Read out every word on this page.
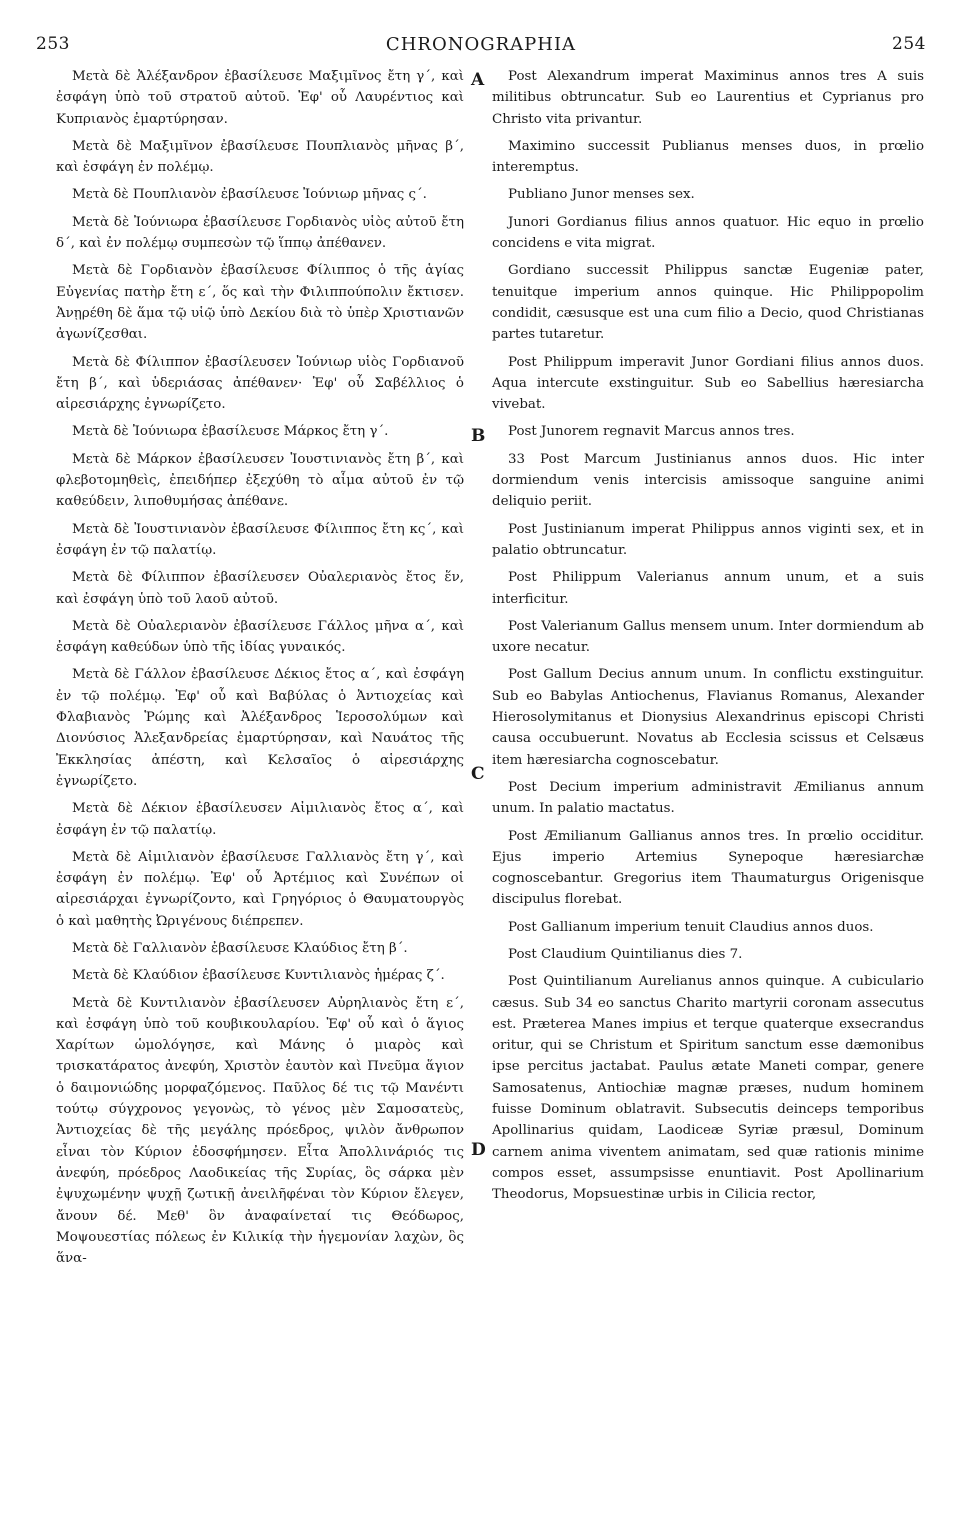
253	CHRONOGRAPHIA	254

Μετὰ δὲ Ἀλέξανδρον ἐβασίλευσε Μαξιμῖνος ἔτη γ΄, καὶ ἐσφάγη ὑπὸ τοῦ στρατοῦ αὐτοῦ. Ἐφ' οὗ Λαυρέντιος καὶ Κυπριανὸς ἐμαρτύρησαν.

Μετὰ δὲ Μαξιμῖνον ἐβασίλευσε Πουπλιανὸς μῆνας β΄, καὶ ἐσφάγη ἐν πολέμῳ.

Μετὰ δὲ Πουπλιανὸν ἐβασίλευσε Ἰούνιωρ μῆνας ς΄.

Μετὰ δὲ Ἰούνιωρα ἐβασίλευσε Γορδιανὸς υἱὸς αὐτοῦ ἔτη δ΄, καὶ ἐν πολέμῳ συμπεσὼν τῷ ἵππῳ ἀπέθανεν.

Μετὰ δὲ Γορδιανὸν ἐβασίλευσε Φίλιππος ὁ τῆς ἁγίας Εὐγενίας πατὴρ ἔτη ε΄, ὅς καὶ τὴν Φιλιππούπολιν ἔκτισεν. Ἀνῃρέθη δὲ ἅμα τῷ υἱῷ ὑπὸ Δεκίου διὰ τὸ ὑπὲρ Χριστιανῶν ἀγωνίζεσθαι.

Μετὰ δὲ Φίλιππον ἐβασίλευσεν Ἰούνιωρ υἱὸς Γορδιανοῦ ἔτη β΄, καὶ ὑδεριάσας ἀπέθανεν· Ἐφ' οὗ Σαβέλλιος ὁ αἱρεσιάρχης ἐγνωρίζετο.

Μετὰ δὲ Ἰούνιωρα ἐβασίλευσε Μάρκος ἔτη γ΄.

Μετὰ δὲ Μάρκον ἐβασίλευσεν Ἰουστινιανὸς ἔτη β΄, καὶ φλεβοτομηθεὶς, ἐπειδήπερ ἐξεχύθη τὸ αἷμα αὐτοῦ ἐν τῷ καθεύδειν, λιποθυμήσας ἀπέθανε.

Μετὰ δὲ Ἰουστινιανὸν ἐβασίλευσε Φίλιππος ἔτη κς΄, καὶ ἐσφάγη ἐν τῷ παλατίῳ.

Μετὰ δὲ Φίλιππον ἐβασίλευσεν Οὐαλεριανὸς ἔτος ἕν, καὶ ἐσφάγη ὑπὸ τοῦ λαοῦ αὐτοῦ.

Μετὰ δὲ Οὐαλεριανὸν ἐβασίλευσε Γάλλος μῆνα α΄, καὶ ἐσφάγη καθεύδων ὑπὸ τῆς ἰδίας γυναικός.

Μετὰ δὲ Γάλλον ἐβασίλευσε Δέκιος ἔτος α΄, καὶ ἐσφάγη ἐν τῷ πολέμῳ. Ἐφ' οὗ καὶ Βαβύλας ὁ Ἀντιοχείας καὶ Φλαβιανὸς Ῥώμης καὶ Ἀλέξανδρος Ἱεροσολύμων καὶ Διονύσιος Ἀλεξανδρείας ἐμαρτύρησαν, καὶ Ναυάτος τῆς Ἐκκλησίας ἀπέστη, καὶ Κελσαῖος ὁ αἱρεσιάρχης ἐγνωρίζετο.

Μετὰ δὲ Δέκιον ἐβασίλευσεν Αἰμιλιανὸς ἔτος α΄, καὶ ἐσφάγη ἐν τῷ παλατίῳ.

Μετὰ δὲ Αἰμιλιανὸν ἐβασίλευσε Γαλλιανὸς ἔτη γ΄, καὶ ἐσφάγη ἐν πολέμῳ. Ἐφ' οὗ Ἀρτέμιος καὶ Συνέπων οἱ αἱρεσιάρχαι ἐγνωρίζοντο, καὶ Γρηγόριος ὁ Θαυματουργὸς ὁ καὶ μαθητὴς Ὠριγένους διέπρεπεν.

Μετὰ δὲ Γαλλιανὸν ἐβασίλευσε Κλαύδιος ἔτη β΄.

Μετὰ δὲ Κλαύδιον ἐβασίλευσε Κυντιλιανὸς ἡμέρας ζ΄.

Μετὰ δὲ Κυντιλιανὸν ἐβασίλευσεν Αὐρηλιανὸς ἔτη ε΄, καὶ ἐσφάγη ὑπὸ τοῦ κουβικουλαρίου. Ἐφ' οὗ καὶ ὁ ἅγιος Χαρίτων ὡμολόγησε, καὶ Μάνης ὁ μιαρὸς καὶ τρισκατάρατος ἀνεφύη, Χριστὸν ἑαυτὸν καὶ Πνεῦμα ἅγιον ὁ δαιμονιώδης μορφαζόμενος. Παῦλος δέ τις τῷ Μανέντι τούτῳ σύγχρονος γεγονὼς, τὸ γένος μὲν Σαμοσατεὺς, Ἀντιοχείας δὲ τῆς μεγάλης πρόεδρος, ψιλὸν ἄνθρωπον εἶναι τὸν Κύριον ἐδοσφήμησεν. Εἶτα Ἀπολλινάριός τις ἀνεφύη, πρόεδρος Λαοδικείας τῆς Συρίας, ὃς σάρκα μὲν ἐψυχωμένην ψυχῇ ζωτικῇ ἀνειλῆφέναι τὸν Κύριον ἔλεγεν, ἄνουν δέ. Μεθ' ὃν ἀναφαίνεταί τις Θεόδωρος, Μοψουεστίας πόλεως ἐν Κιλικίᾳ τὴν ἡγεμονίαν λαχὼν, ὃς ἅνα-

A
B
C
D

Post Alexandrum imperat Maximinus annos tres A suis militibus obtruncatur. Sub eo Laurentius et Cyprianus pro Christo vita privantur.

Maximino successit Publianus menses duos, in prœlio interemptus.

Publiano Junor menses sex.

Junori Gordianus filius annos quatuor. Hic equo in prœlio concidens e vita migrat.

Gordiano successit Philippus sanctæ Eugeniæ pater, tenuitque imperium annos quinque. Hic Philippopolim condidit, cæsusque est una cum filio a Decio, quod Christianas partes tutaretur.

Post Philippum imperavit Junor Gordiani filius annos duos. Aqua intercute exstinguitur. Sub eo Sabellius hæresiarcha vivebat.

Post Junorem regnavit Marcus annos tres.

33 Post Marcum Justinianus annos duos. Hic inter dormiendum venis intercisis amissoque sanguine animi deliquio periit.

Post Justinianum imperat Philippus annos viginti sex, et in palatio obtruncatur.

Post Philippum Valerianus annum unum, et a suis interficitur.

Post Valerianum Gallus mensem unum. Inter dormiendum ab uxore necatur.

Post Gallum Decius annum unum. In conflictu exstinguitur. Sub eo Babylas Antiochenus, Flavianus Romanus, Alexander Hierosolymitanus et Dionysius Alexandrinus episcopi Christi causa occubuerunt. Novatus ab Ecclesia scissus et Celsæus item hæresiarcha cognoscebatur.

Post Decium imperium administravit Æmilianus annum unum. In palatio mactatus.

Post Æmilianum Gallianus annos tres. In prœlio occiditur. Ejus imperio Artemius Synepoque hæresiarchæ cognoscebantur. Gregorius item Thaumaturgus Origenisque discipulus florebat.

Post Gallianum imperium tenuit Claudius annos duos.

Post Claudium Quintilianus dies 7.

Post Quintilianum Aurelianus annos quinque. A cubiculario cæsus. Sub 34 eo sanctus Charito martyrii coronam assecutus est. Præterea Manes impius et terque quaterque exsecrandus oritur, qui se Christum et Spiritum sanctum esse dæmonibus ipse percitus jactabat. Paulus ætate Maneti compar, genere Samosatenus, Antiochiæ magnæ præses, nudum hominem fuisse Dominum oblatravit. Subsecutis deinceps temporibus Apollinarius quidam, Laodiceæ Syriæ præsul, Dominum carnem anima viventem animatam, sed quæ rationis minime compos esset, assumpsisse enuntiavit. Post Apollinarium Theodorus, Mopsuestinæ urbis in Cilicia rector,
